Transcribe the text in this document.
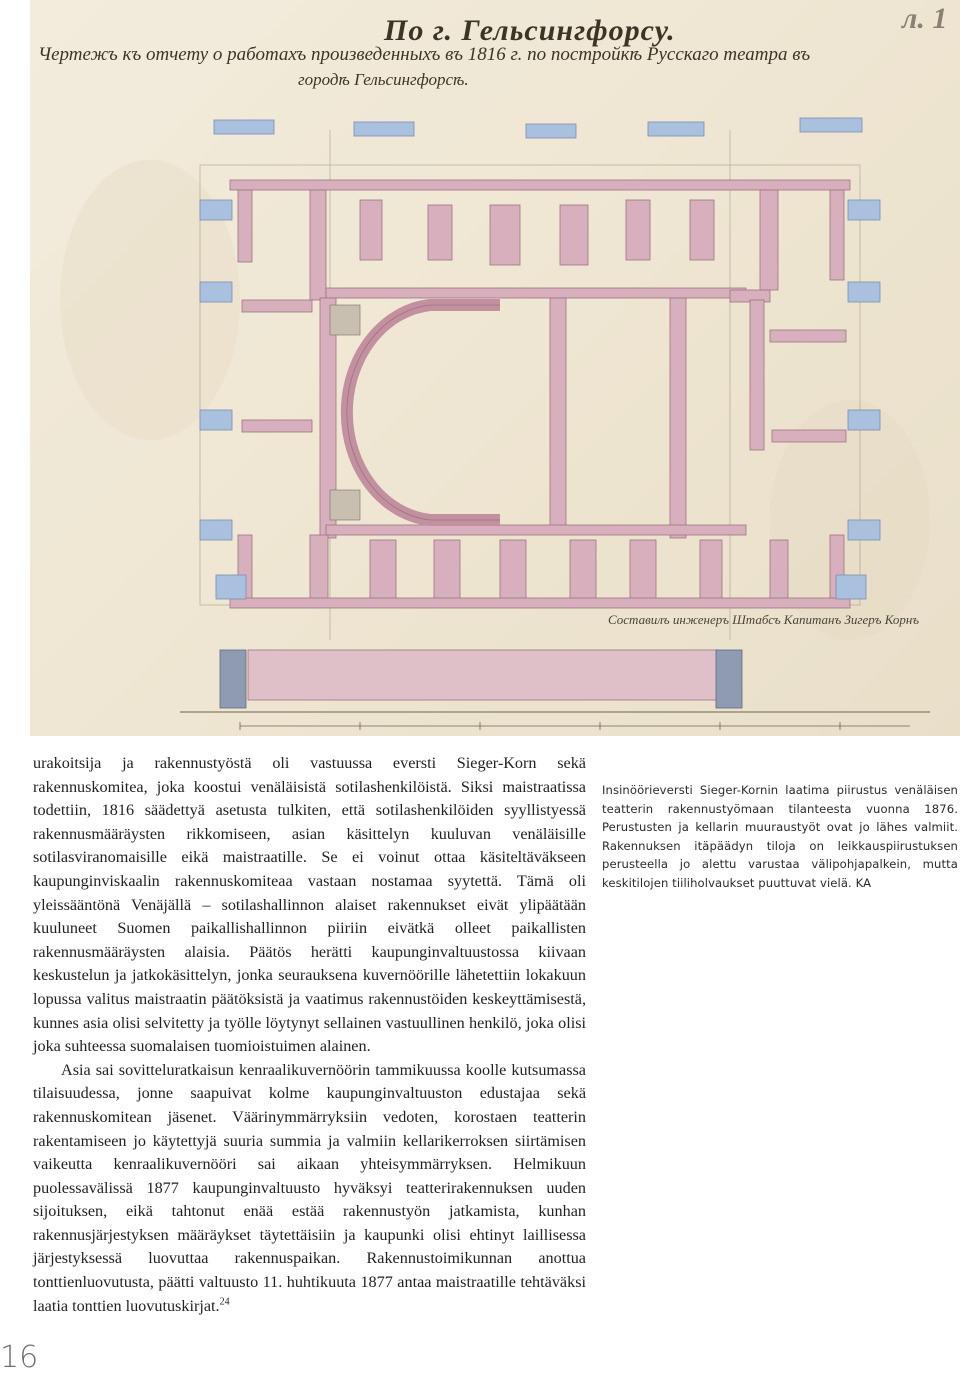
По г. Гельсингфорсу.
Чертежъ къ отчету о работахъ произведенныхъ въ 1816 г. по постройкѣ Русскаго театра въ
городѣ Гельсингфорсѣ.
л. 1
Составилъ инженеръ Штабсъ Капитанъ Зигеръ Корнъ

urakoitsija ja rakennustyöstä oli vastuussa eversti Sieger-Korn sekä rakennuskomitea, joka koostui venäläisistä sotilashenkilöistä. Siksi maistraatissa todettiin, 1816 säädettyä asetusta tulkiten, että sotilashenkilöiden syyllistyessä rakennusmääräysten rikkomiseen, asian käsittelyn kuuluvan venäläisille sotilasviranomaisille eikä maistraatille. Se ei voinut ottaa käsiteltäväkseen kaupunginviskaalin rakennuskomiteaa vastaan nostamaa syytettä. Tämä oli yleissääntönä Venäjällä – sotilashallinnon alaiset rakennukset eivät ylipäätään kuuluneet Suomen paikallishallinnon piiriin eivätkä olleet paikallisten rakennusmääräysten alaisia. Päätös herätti kaupunginvaltuustossa kiivaan keskustelun ja jatkokäsittelyn, jonka seurauksena kuvernöörille lähetettiin lokakuun lopussa valitus maistraatin päätöksistä ja vaatimus rakennustöiden keskeyttämisestä, kunnes asia olisi selvitetty ja työlle löytynyt sellainen vastuullinen henkilö, joka olisi joka suhteessa suomalaisen tuomioistuimen alainen.

Asia sai sovitteluratkaisun kenraalikuvernöörin tammikuussa koolle kutsumassa tilaisuudessa, jonne saapuivat kolme kaupunginvaltuuston edustajaa sekä rakennuskomitean jäsenet. Väärinymmärryksiin vedoten, korostaen teatterin rakentamiseen jo käytettyjä suuria summia ja valmiin kellarikerroksen siirtämisen vaikeutta kenraalikuvernööri sai aikaan yhteisymmärryksen. Helmikuun puolessavälissä 1877 kaupunginvaltuusto hyväksyi teatterirakennuksen uuden sijoituksen, eikä tahtonut enää estää rakennustyön jatkamista, kunhan rakennusjärjestyksen määräykset täytettäisiin ja kaupunki olisi ehtinyt laillisessa järjestyksessä luovuttaa rakennuspaikan. Rakennustoimikunnan anottua tonttienluovutusta, päätti valtuusto 11. huhtikuuta 1877 antaa maistraatille tehtäväksi laatia tonttien luovutuskirjat.$^{24}$

Insinöörieversti Sieger-Kornin laatima piirustus venäläisen teatterin rakennustyömaan tilanteesta vuonna 1876. Perustusten ja kellarin muuraustyöt ovat jo lähes valmiit. Rakennuksen itäpäädyn tiloja on leikkauspiirustuksen perusteella jo alettu varustaa välipohjapalkein, mutta keskitilojen tiiliholvaukset puuttuvat vielä. KA

16
